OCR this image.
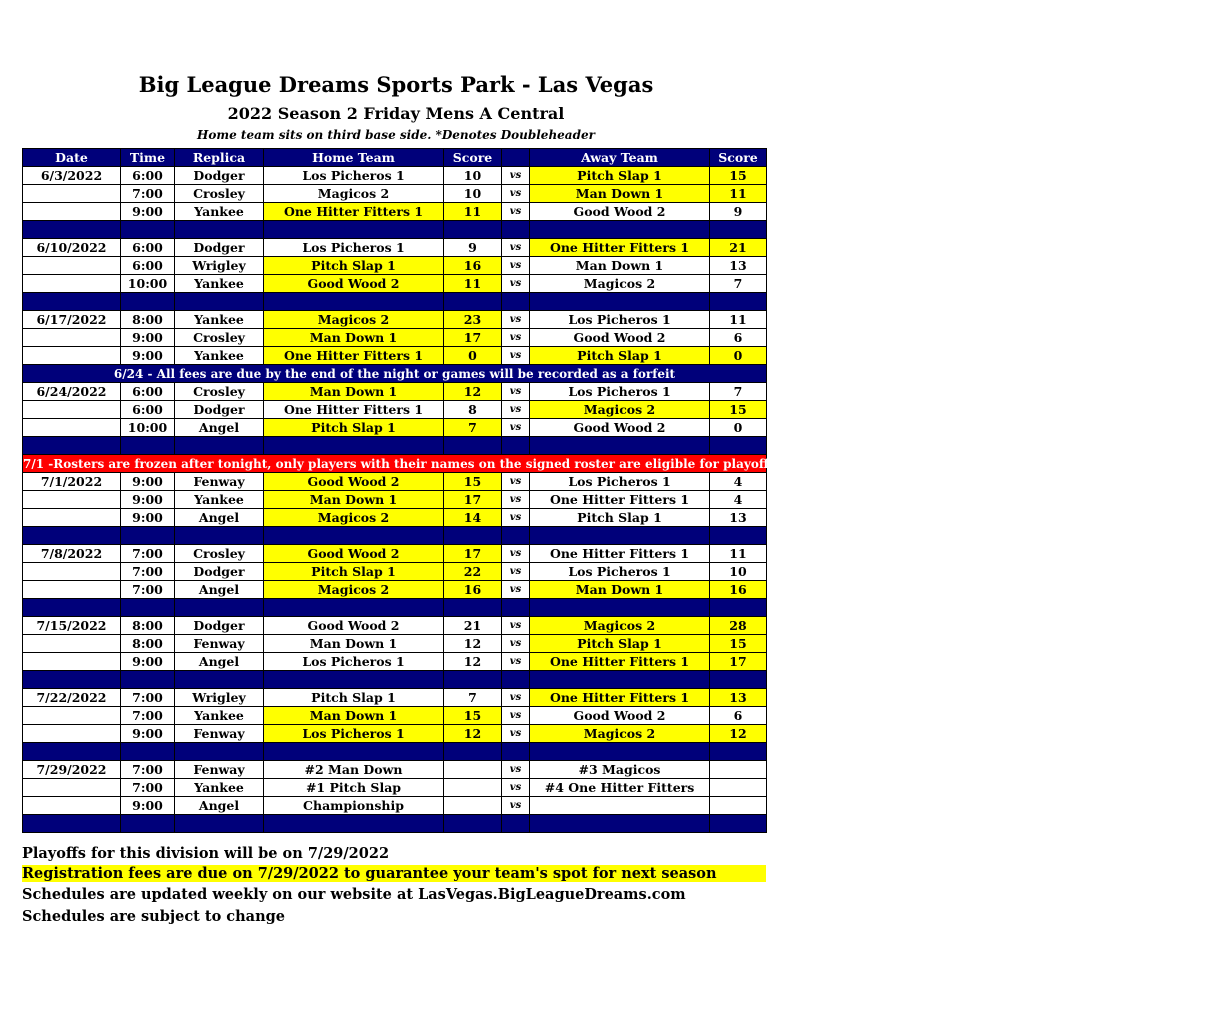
Big League Dreams Sports Park - Las Vegas
2022 Season 2 Friday Mens A Central
Home team sits on third base side. *Denotes Doubleheader
Date	Time	Replica	Home Team	Score		Away Team	Score
6/3/2022	6:00	Dodger	Los Picheros 1	10	vs	Pitch Slap 1	15
	7:00	Crosley	Magicos 2	10	vs	Man Down 1	11
	9:00	Yankee	One Hitter Fitters 1	11	vs	Good Wood 2	9

6/10/2022	6:00	Dodger	Los Picheros 1	9	vs	One Hitter Fitters 1	21
	6:00	Wrigley	Pitch Slap 1	16	vs	Man Down 1	13
	10:00	Yankee	Good Wood 2	11	vs	Magicos 2	7

6/17/2022	8:00	Yankee	Magicos 2	23	vs	Los Picheros 1	11
	9:00	Crosley	Man Down 1	17	vs	Good Wood 2	6
	9:00	Yankee	One Hitter Fitters 1	0	vs	Pitch Slap 1	0
6/24 - All fees are due by the end of the night or games will be recorded as a forfeit							
6/24/2022	6:00	Crosley	Man Down 1	12	vs	Los Picheros 1	7
	6:00	Dodger	One Hitter Fitters 1	8	vs	Magicos 2	15
	10:00	Angel	Pitch Slap 1	7	vs	Good Wood 2	0

7/1 -Rosters are frozen after tonight, only players with their names on the signed roster are eligible for playoffs. Please check carefully as changes will not be made for omissions.							
7/1/2022	9:00	Fenway	Good Wood 2	15	vs	Los Picheros 1	4
	9:00	Yankee	Man Down 1	17	vs	One Hitter Fitters 1	4
	9:00	Angel	Magicos 2	14	vs	Pitch Slap 1	13

7/8/2022	7:00	Crosley	Good Wood 2	17	vs	One Hitter Fitters 1	11
	7:00	Dodger	Pitch Slap 1	22	vs	Los Picheros 1	10
	7:00	Angel	Magicos 2	16	vs	Man Down 1	16

7/15/2022	8:00	Dodger	Good Wood 2	21	vs	Magicos 2	28
	8:00	Fenway	Man Down 1	12	vs	Pitch Slap 1	15
	9:00	Angel	Los Picheros 1	12	vs	One Hitter Fitters 1	17

7/22/2022	7:00	Wrigley	Pitch Slap 1	7	vs	One Hitter Fitters 1	13
	7:00	Yankee	Man Down 1	15	vs	Good Wood 2	6
	9:00	Fenway	Los Picheros 1	12	vs	Magicos 2	12

7/29/2022	7:00	Fenway	#2 Man Down		vs	#3 Magicos	
	7:00	Yankee	#1 Pitch Slap		vs	#4 One Hitter Fitters	
	9:00	Angel	Championship		vs		

Playoffs for this division will be on 7/29/2022
Registration fees are due on 7/29/2022 to guarantee your team's spot for next season
Schedules are updated weekly on our website at LasVegas.BigLeagueDreams.com
Schedules are subject to change
